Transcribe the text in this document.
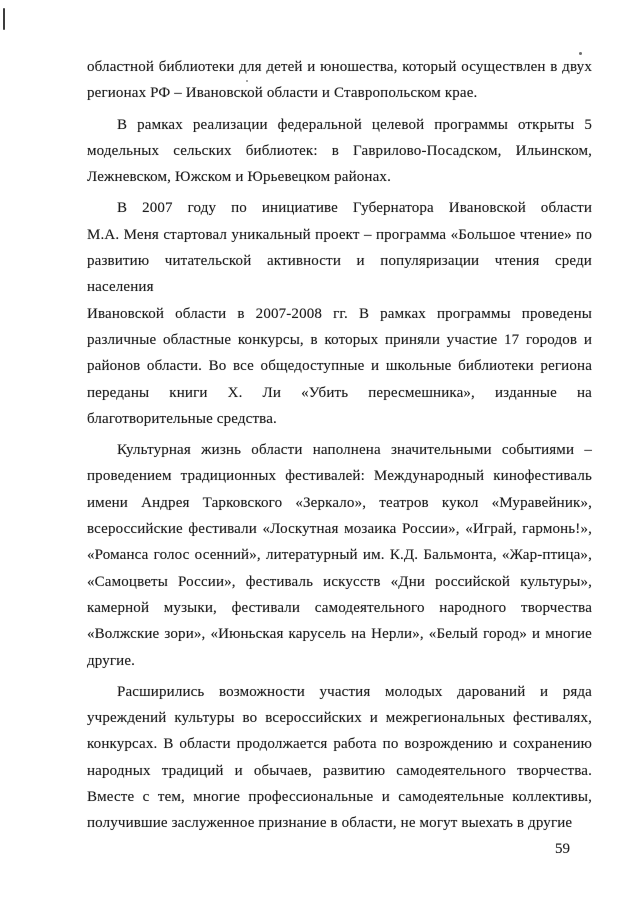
областной библиотеки для детей и юношества, который осуществлен в двух
регионах РФ – Ивановской области и Ставропольском крае.
В рамках реализации федеральной целевой программы открыты 5
модельных сельских библиотек: в Гаврилово-Посадском, Ильинском,
Лежневском, Южском и Юрьевецком районах.
В 2007 году по инициативе Губернатора Ивановской области
М.А. Меня стартовал уникальный проект – программа «Большое чтение» по
развитию читательской активности и популяризации чтения среди населения
Ивановской области в 2007-2008 гг. В рамках программы проведены
различные областные конкурсы, в которых приняли участие 17 городов и
районов области. Во все общедоступные и школьные библиотеки региона
переданы книги Х. Ли «Убить пересмешника», изданные на
благотворительные средства.
Культурная жизнь области наполнена значительными событиями –
проведением традиционных фестивалей: Международный кинофестиваль
имени Андрея Тарковского «Зеркало», театров кукол «Муравейник»,
всероссийские фестивали «Лоскутная мозаика России», «Играй, гармонь!»,
«Романса голос осенний», литературный им. К.Д. Бальмонта, «Жар-птица»,
«Самоцветы России», фестиваль искусств «Дни российской культуры»,
камерной музыки, фестивали самодеятельного народного творчества
«Волжские зори», «Июньская карусель на Нерли», «Белый город» и многие
другие.
Расширились возможности участия молодых дарований и ряда
учреждений культуры во всероссийских и межрегиональных фестивалях,
конкурсах. В области продолжается работа по возрождению и сохранению
народных традиций и обычаев, развитию самодеятельного творчества.
Вместе с тем, многие профессиональные и самодеятельные коллективы,
получившие заслуженное признание в области, не могут выехать в другие
59
